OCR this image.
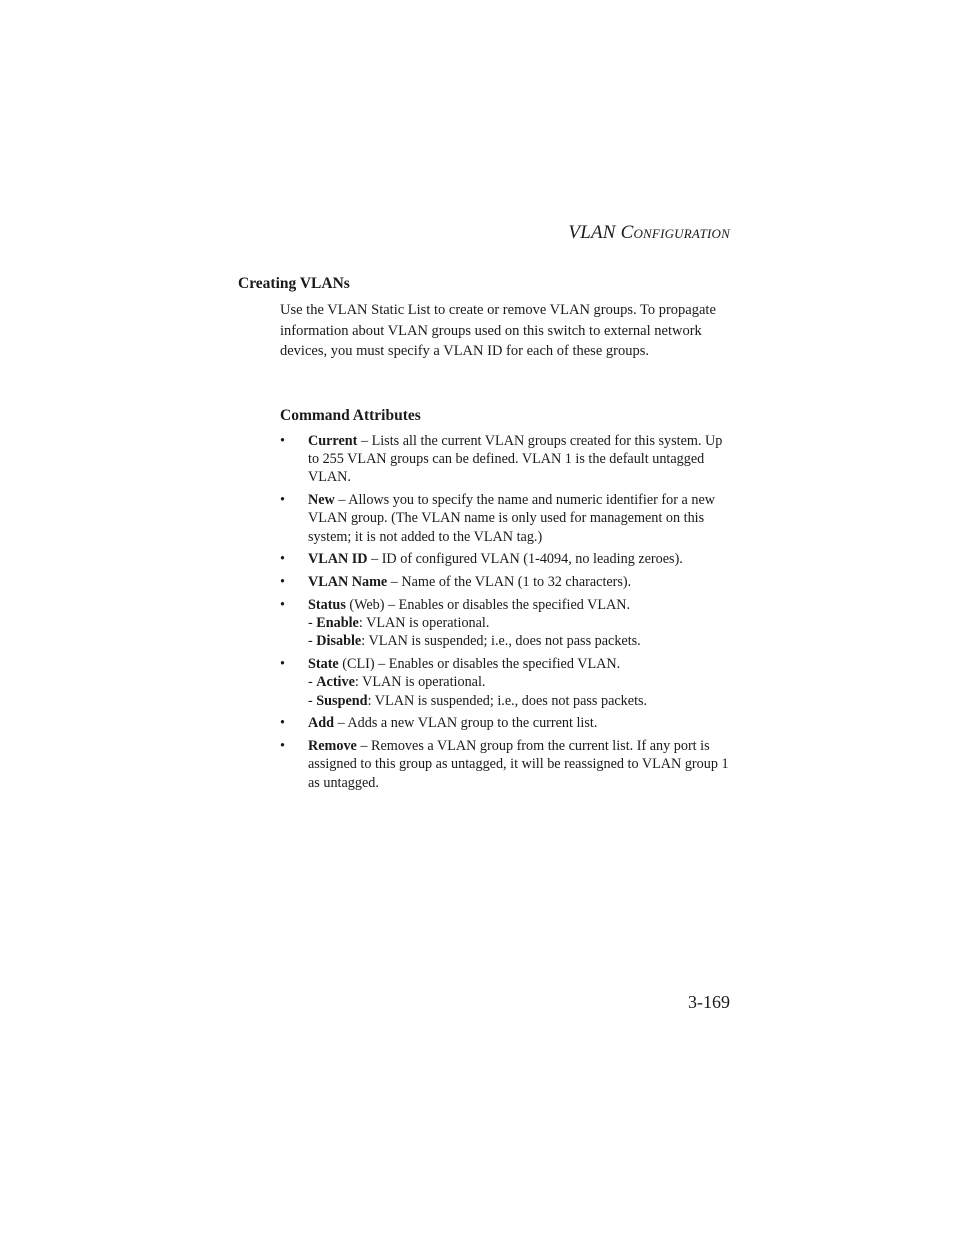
VLAN CONFIGURATION
Creating VLANs

Use the VLAN Static List to create or remove VLAN groups. To propagate information about VLAN groups used on this switch to external network devices, you must specify a VLAN ID for each of these groups.

Command Attributes
• Current – Lists all the current VLAN groups created for this system. Up to 255 VLAN groups can be defined. VLAN 1 is the default untagged VLAN.
• New – Allows you to specify the name and numeric identifier for a new VLAN group. (The VLAN name is only used for management on this system; it is not added to the VLAN tag.)
• VLAN ID – ID of configured VLAN (1-4094, no leading zeroes).
• VLAN Name – Name of the VLAN (1 to 32 characters).
• Status (Web) – Enables or disables the specified VLAN.
- Enable: VLAN is operational.
- Disable: VLAN is suspended; i.e., does not pass packets.
• State (CLI) – Enables or disables the specified VLAN.
- Active: VLAN is operational.
- Suspend: VLAN is suspended; i.e., does not pass packets.
• Add – Adds a new VLAN group to the current list.
• Remove – Removes a VLAN group from the current list. If any port is assigned to this group as untagged, it will be reassigned to VLAN group 1 as untagged.
3-169
